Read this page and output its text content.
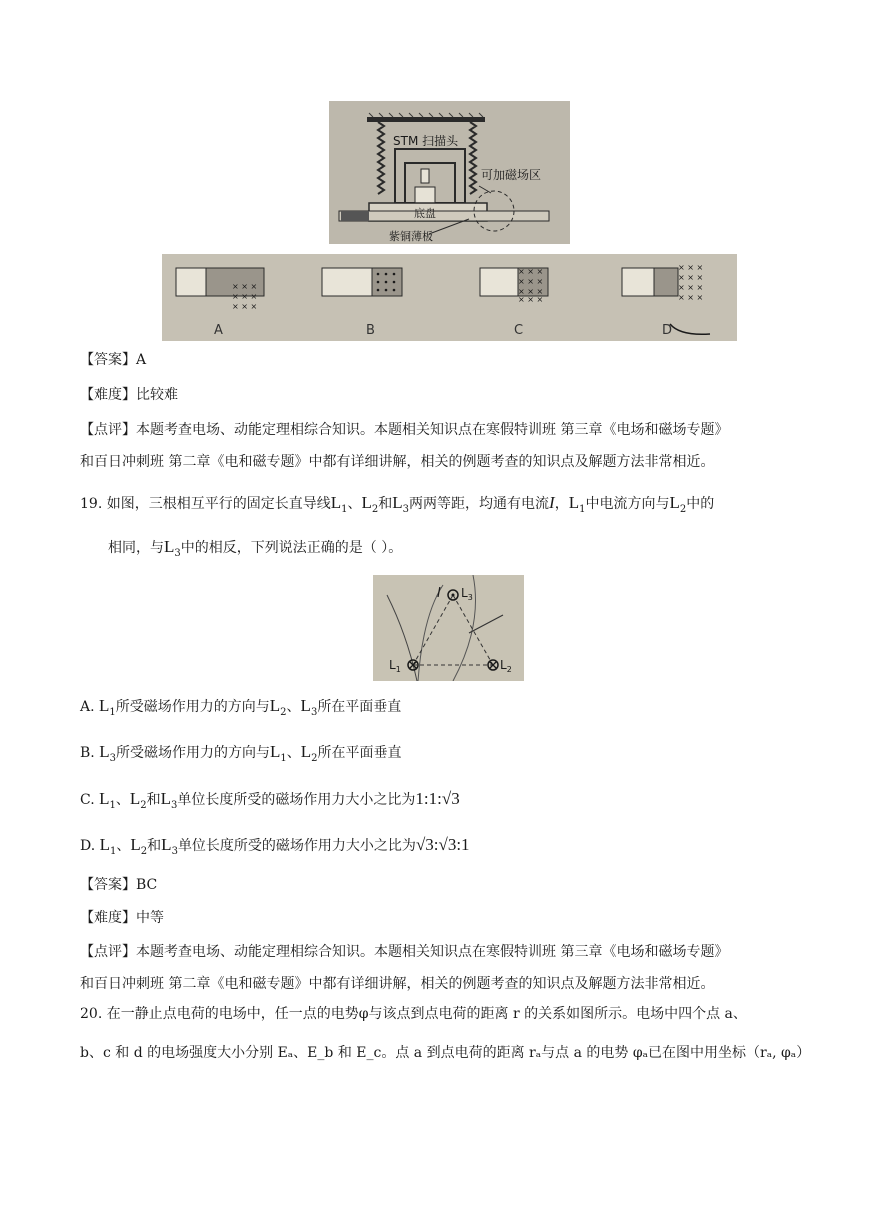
STM 扫描头
可加磁场区
底盘
紫铜薄板
× × ×
× × ×
× × ×
× × ×
× × ×
× × ×
× × ×
× × ×
× × ×
× × ×
× × ×
A	B	C	D
【答案】A
【难度】比较难
【点评】本题考查电场、动能定理相综合知识。本题相关知识点在寒假特训班 第三章《电场和磁场专题》
和百日冲刺班 第二章《电和磁专题》中都有详细讲解，相关的例题考查的知识点及解题方法非常相近。
19. 如图，三根相互平行的固定长直导线$L_1$、$L_2$和$L_3$两两等距，均通有电流I，$L_1$中电流方向与$L_2$中的
相同，与$L_3$中的相反，下列说法正确的是（ ）。
I $L_3$
$L_1$	$L_2$
A. $L_1$所受磁场作用力的方向与$L_2$、$L_3$所在平面垂直
B. $L_3$所受磁场作用力的方向与$L_1$、$L_2$所在平面垂直
C. $L_1$、$L_2$和$L_3$单位长度所受的磁场作用力大小之比为1:1:√3
D. $L_1$、$L_2$和$L_3$单位长度所受的磁场作用力大小之比为√3:√3:1
【答案】BC
【难度】中等
【点评】本题考查电场、动能定理相综合知识。本题相关知识点在寒假特训班 第三章《电场和磁场专题》
和百日冲刺班 第二章《电和磁专题》中都有详细讲解，相关的例题考查的知识点及解题方法非常相近。
20. 在一静止点电荷的电场中，任一点的电势φ与该点到点电荷的距离 r 的关系如图所示。电场中四个点 a、
b、c 和 d 的电场强度大小分别 Eₐ、E_b 和 E_c。点 a 到点电荷的距离 rₐ与点 a 的电势 φₐ已在图中用坐标（rₐ, φₐ）
